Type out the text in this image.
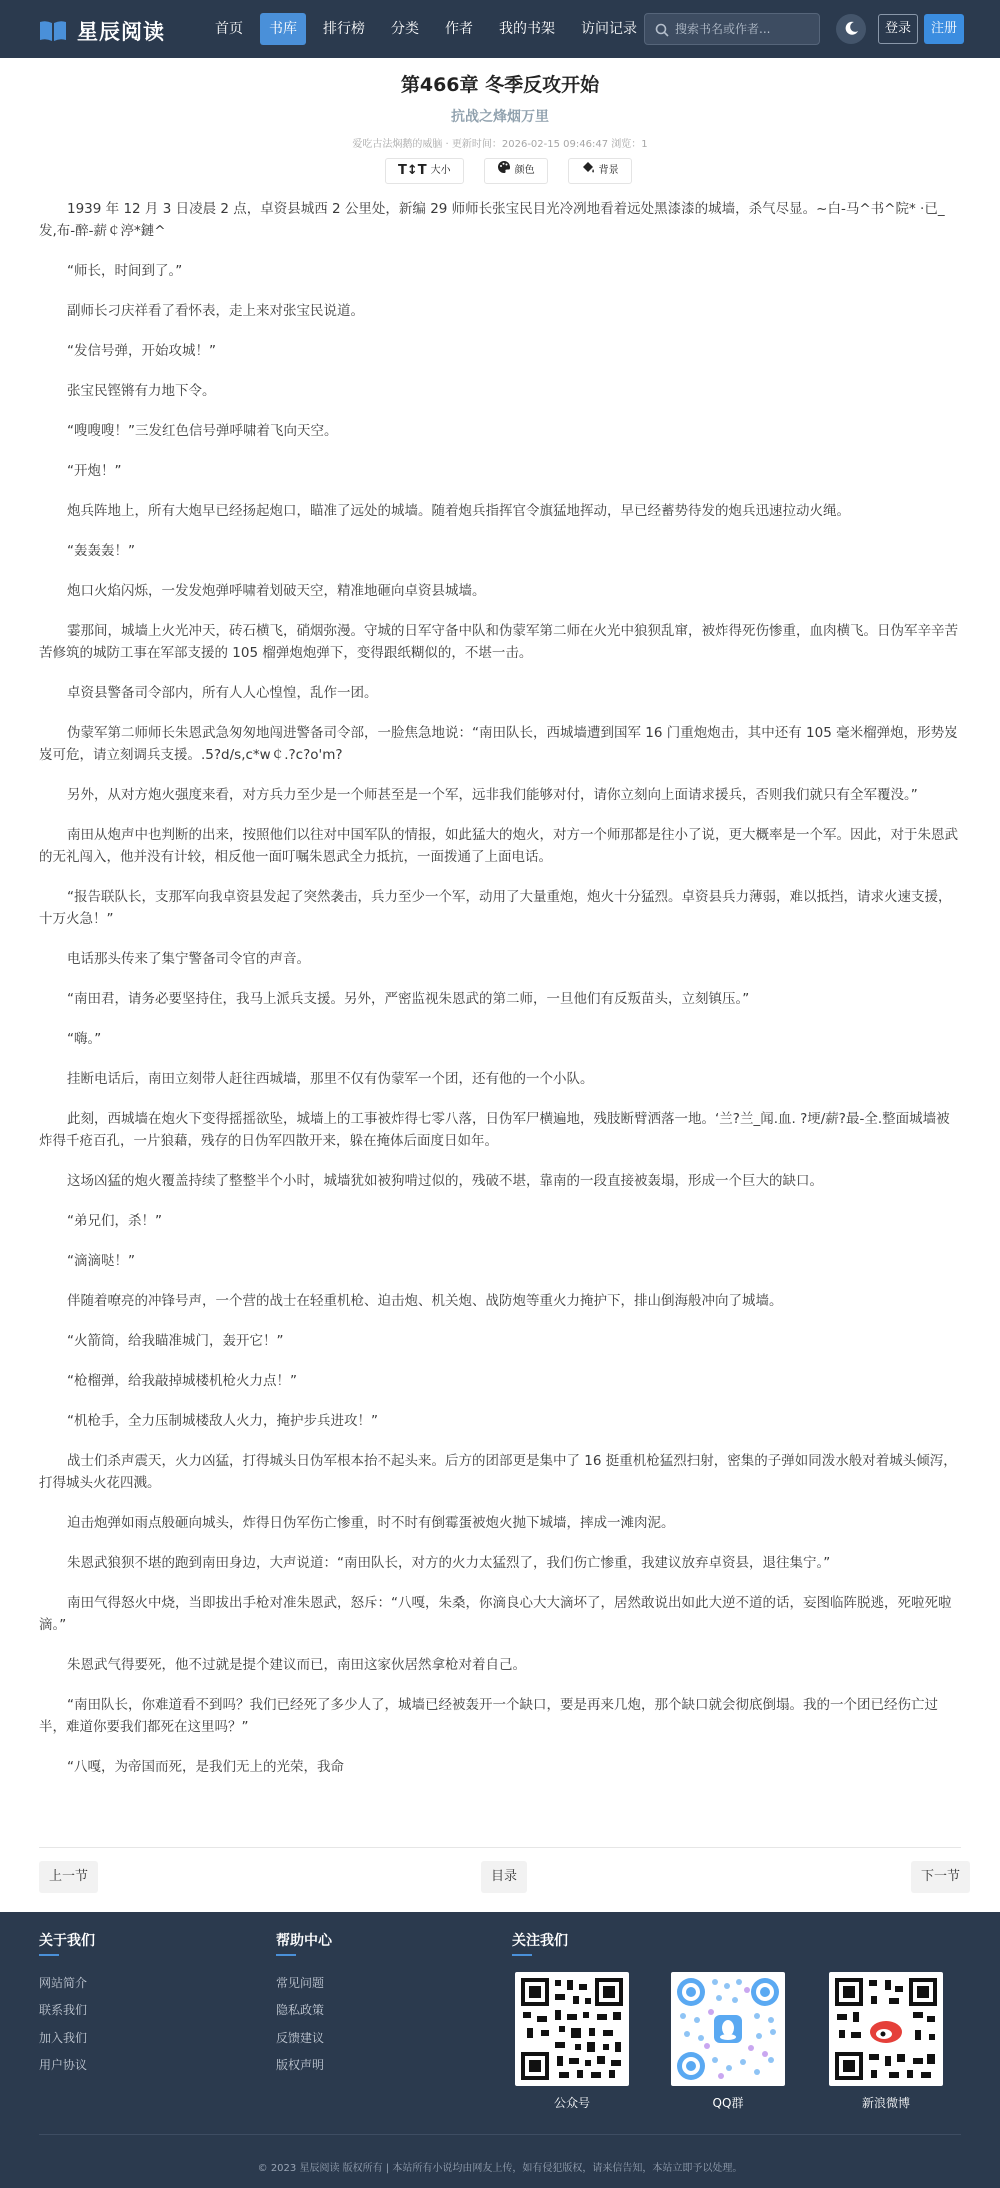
星辰阅读	首页	书库	排行榜	分类	作者	我的书架	访问记录
搜索书名或作者...	登录	注册
第466章 冬季反攻开始
抗战之烽烟万里
爱吃古法焖鹅的威脑 · 更新时间：2026-02-15 09:46:47 浏览：1
T↕T 大小	颜色	背景

1939 年 12 月 3 日凌晨 2 点，卓资县城西 2 公里处，新编 29 师师长张宝民目光冷冽地看着远处黑漆漆的城墙，杀气尽显。~白-马^书^院* ·已_发,布-醉-薪￠渟*鏈^

“师长，时间到了。”

副师长刁庆祥看了看怀表，走上来对张宝民说道。

“发信号弹，开始攻城！”

张宝民铿锵有力地下令。

“嗖嗖嗖！”三发红色信号弹呼啸着飞向天空。

“开炮！”

炮兵阵地上，所有大炮早已经扬起炮口，瞄准了远处的城墙。随着炮兵指挥官令旗猛地挥动，早已经蓄势待发的炮兵迅速拉动火绳。

“轰轰轰！”

炮口火焰闪烁，一发发炮弹呼啸着划破天空，精准地砸向卓资县城墙。

霎那间，城墙上火光冲天，砖石横飞，硝烟弥漫。守城的日军守备中队和伪蒙军第二师在火光中狼狈乱窜，被炸得死伤惨重，血肉横飞。日伪军辛辛苦苦修筑的城防工事在军部支援的 105 榴弹炮炮弹下，变得跟纸糊似的，不堪一击。

卓资县警备司令部内，所有人人心惶惶，乱作一团。

伪蒙军第二师师长朱恩武急匆匆地闯进警备司令部，一脸焦急地说：“南田队长，西城墙遭到国军 16 门重炮炮击，其中还有 105 毫米榴弹炮，形势岌岌可危，请立刻调兵支援。.5?d/s,c*w￠.?c?o'm?

另外，从对方炮火强度来看，对方兵力至少是一个师甚至是一个军，远非我们能够对付，请你立刻向上面请求援兵，否则我们就只有全军覆没。”

南田从炮声中也判断的出来，按照他们以往对中国军队的情报，如此猛大的炮火，对方一个师那都是往小了说，更大概率是一个军。因此，对于朱恩武的无礼闯入，他并没有计较，相反他一面叮嘱朱恩武全力抵抗，一面拨通了上面电话。

“报告联队长，支那军向我卓资县发起了突然袭击，兵力至少一个军，动用了大量重炮，炮火十分猛烈。卓资县兵力薄弱，难以抵挡，请求火速支援，十万火急！”

电话那头传来了集宁警备司令官的声音。

“南田君，请务必要坚持住，我马上派兵支援。另外，严密监视朱恩武的第二师，一旦他们有反叛苗头，立刻镇压。”

“嗨。”

挂断电话后，南田立刻带人赶往西城墙，那里不仅有伪蒙军一个团，还有他的一个小队。

此刻，西城墙在炮火下变得摇摇欲坠，城墙上的工事被炸得七零八落，日伪军尸横遍地，残肢断臂洒落一地。‘兰?兰_闻.血. ?埂/薪?最-全.整面城墙被炸得千疮百孔，一片狼藉，残存的日伪军四散开来，躲在掩体后面度日如年。

这场凶猛的炮火覆盖持续了整整半个小时，城墙犹如被狗啃过似的，残破不堪，靠南的一段直接被轰塌，形成一个巨大的缺口。

“弟兄们，杀！”

“滴滴哒！”

伴随着嘹亮的冲锋号声，一个营的战士在轻重机枪、迫击炮、机关炮、战防炮等重火力掩护下，排山倒海般冲向了城墙。

“火箭筒，给我瞄准城门，轰开它！”

“枪榴弹，给我敲掉城楼机枪火力点！”

“机枪手，全力压制城楼敌人火力，掩护步兵进攻！”

战士们杀声震天，火力凶猛，打得城头日伪军根本抬不起头来。后方的团部更是集中了 16 挺重机枪猛烈扫射，密集的子弹如同泼水般对着城头倾泻，打得城头火花四溅。

迫击炮弹如雨点般砸向城头，炸得日伪军伤亡惨重，时不时有倒霉蛋被炮火抛下城墙，摔成一滩肉泥。

朱恩武狼狈不堪的跑到南田身边，大声说道：“南田队长，对方的火力太猛烈了，我们伤亡惨重，我建议放弃卓资县，退往集宁。”

南田气得怒火中烧，当即拔出手枪对准朱恩武，怒斥：“八嘎，朱桑，你滴良心大大滴坏了，居然敢说出如此大逆不道的话，妄图临阵脱逃，死啦死啦滴。”

朱恩武气得要死，他不过就是提个建议而已，南田这家伙居然拿枪对着自己。

“南田队长，你难道看不到吗？我们已经死了多少人了，城墙已经被轰开一个缺口，要是再来几炮，那个缺口就会彻底倒塌。我的一个团已经伤亡过半，难道你要我们都死在这里吗？”

“八嘎，为帝国而死，是我们无上的光荣，我命

上一节	目录	下一节
关于我们
网站简介
联系我们
加入我们
用户协议
帮助中心
常见问题
隐私政策
反馈建议
版权声明
关注我们
公众号	QQ群	新浪微博
© 2023 星辰阅读 版权所有 | 本站所有小说均由网友上传，如有侵犯版权，请来信告知，本站立即予以处理。
